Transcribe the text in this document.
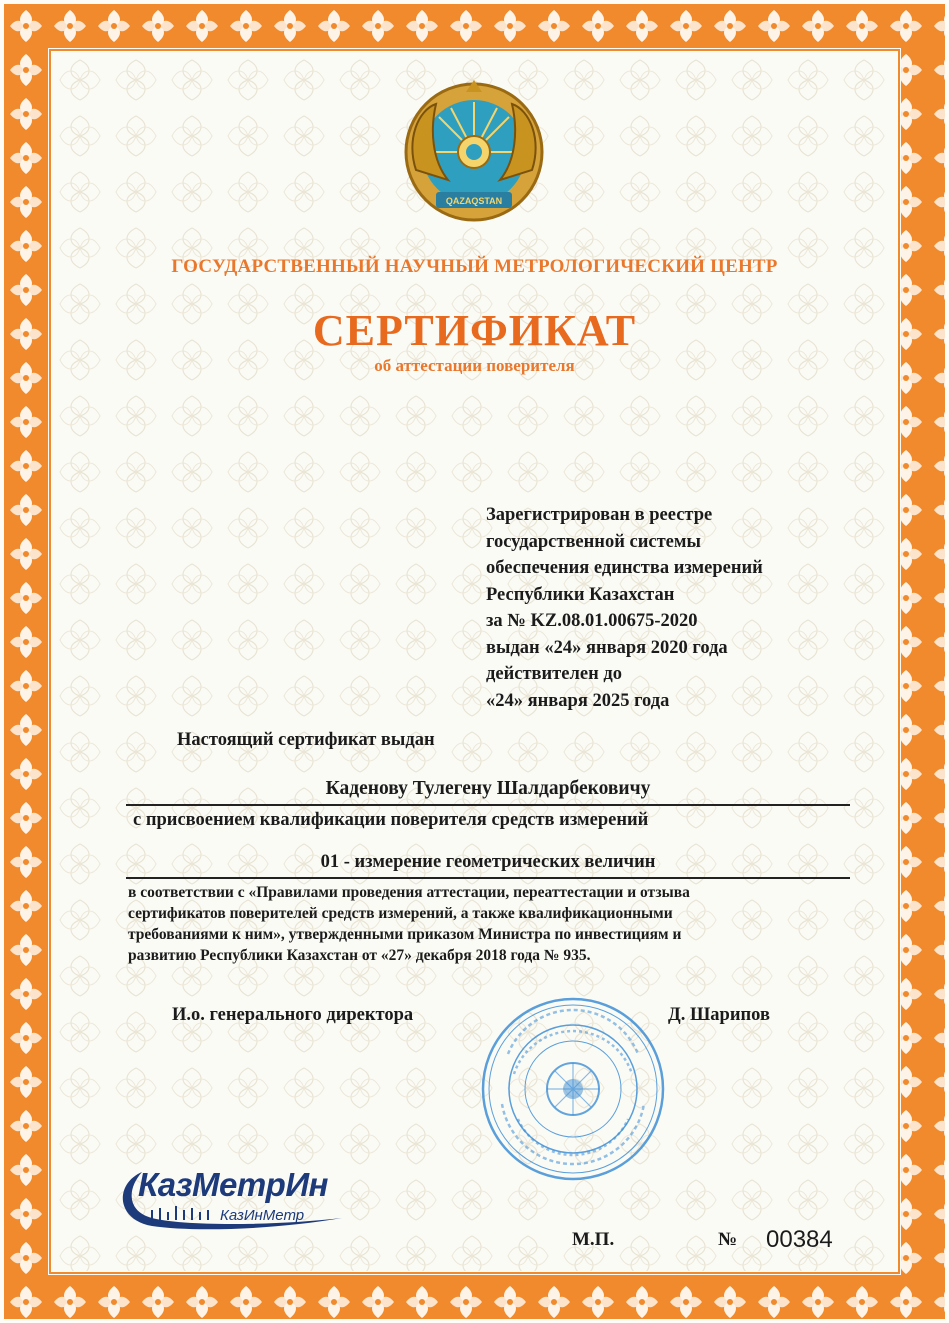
QAZAQSTAN
ГОСУДАРСТВЕННЫЙ НАУЧНЫЙ МЕТРОЛОГИЧЕСКИЙ ЦЕНТР
СЕРТИФИКАТ
об аттестации поверителя
Зарегистрирован в реестре
государственной системы
обеспечения единства измерений
Республики Казахстан
за № KZ.08.01.00675-2020
выдан «24» января 2020 года
действителен до
«24» января 2025 года
Настоящий сертификат выдан
Каденову Тулегену Шалдарбековичу
с присвоением квалификации поверителя средств измерений
01 - измерение геометрических величин
в соответствии с «Правилами проведения аттестации, переаттестации и отзыва
сертификатов поверителей средств измерений, а также квалификационными
требованиями к ним», утвержденными приказом Министра по инвестициям и
развитию Республики Казахстан от «27» декабря 2018 года № 935.
И.о. генерального директора	Д. Шарипов
КазМетрИн
КазИнМетр
М.П.	№ 00384
